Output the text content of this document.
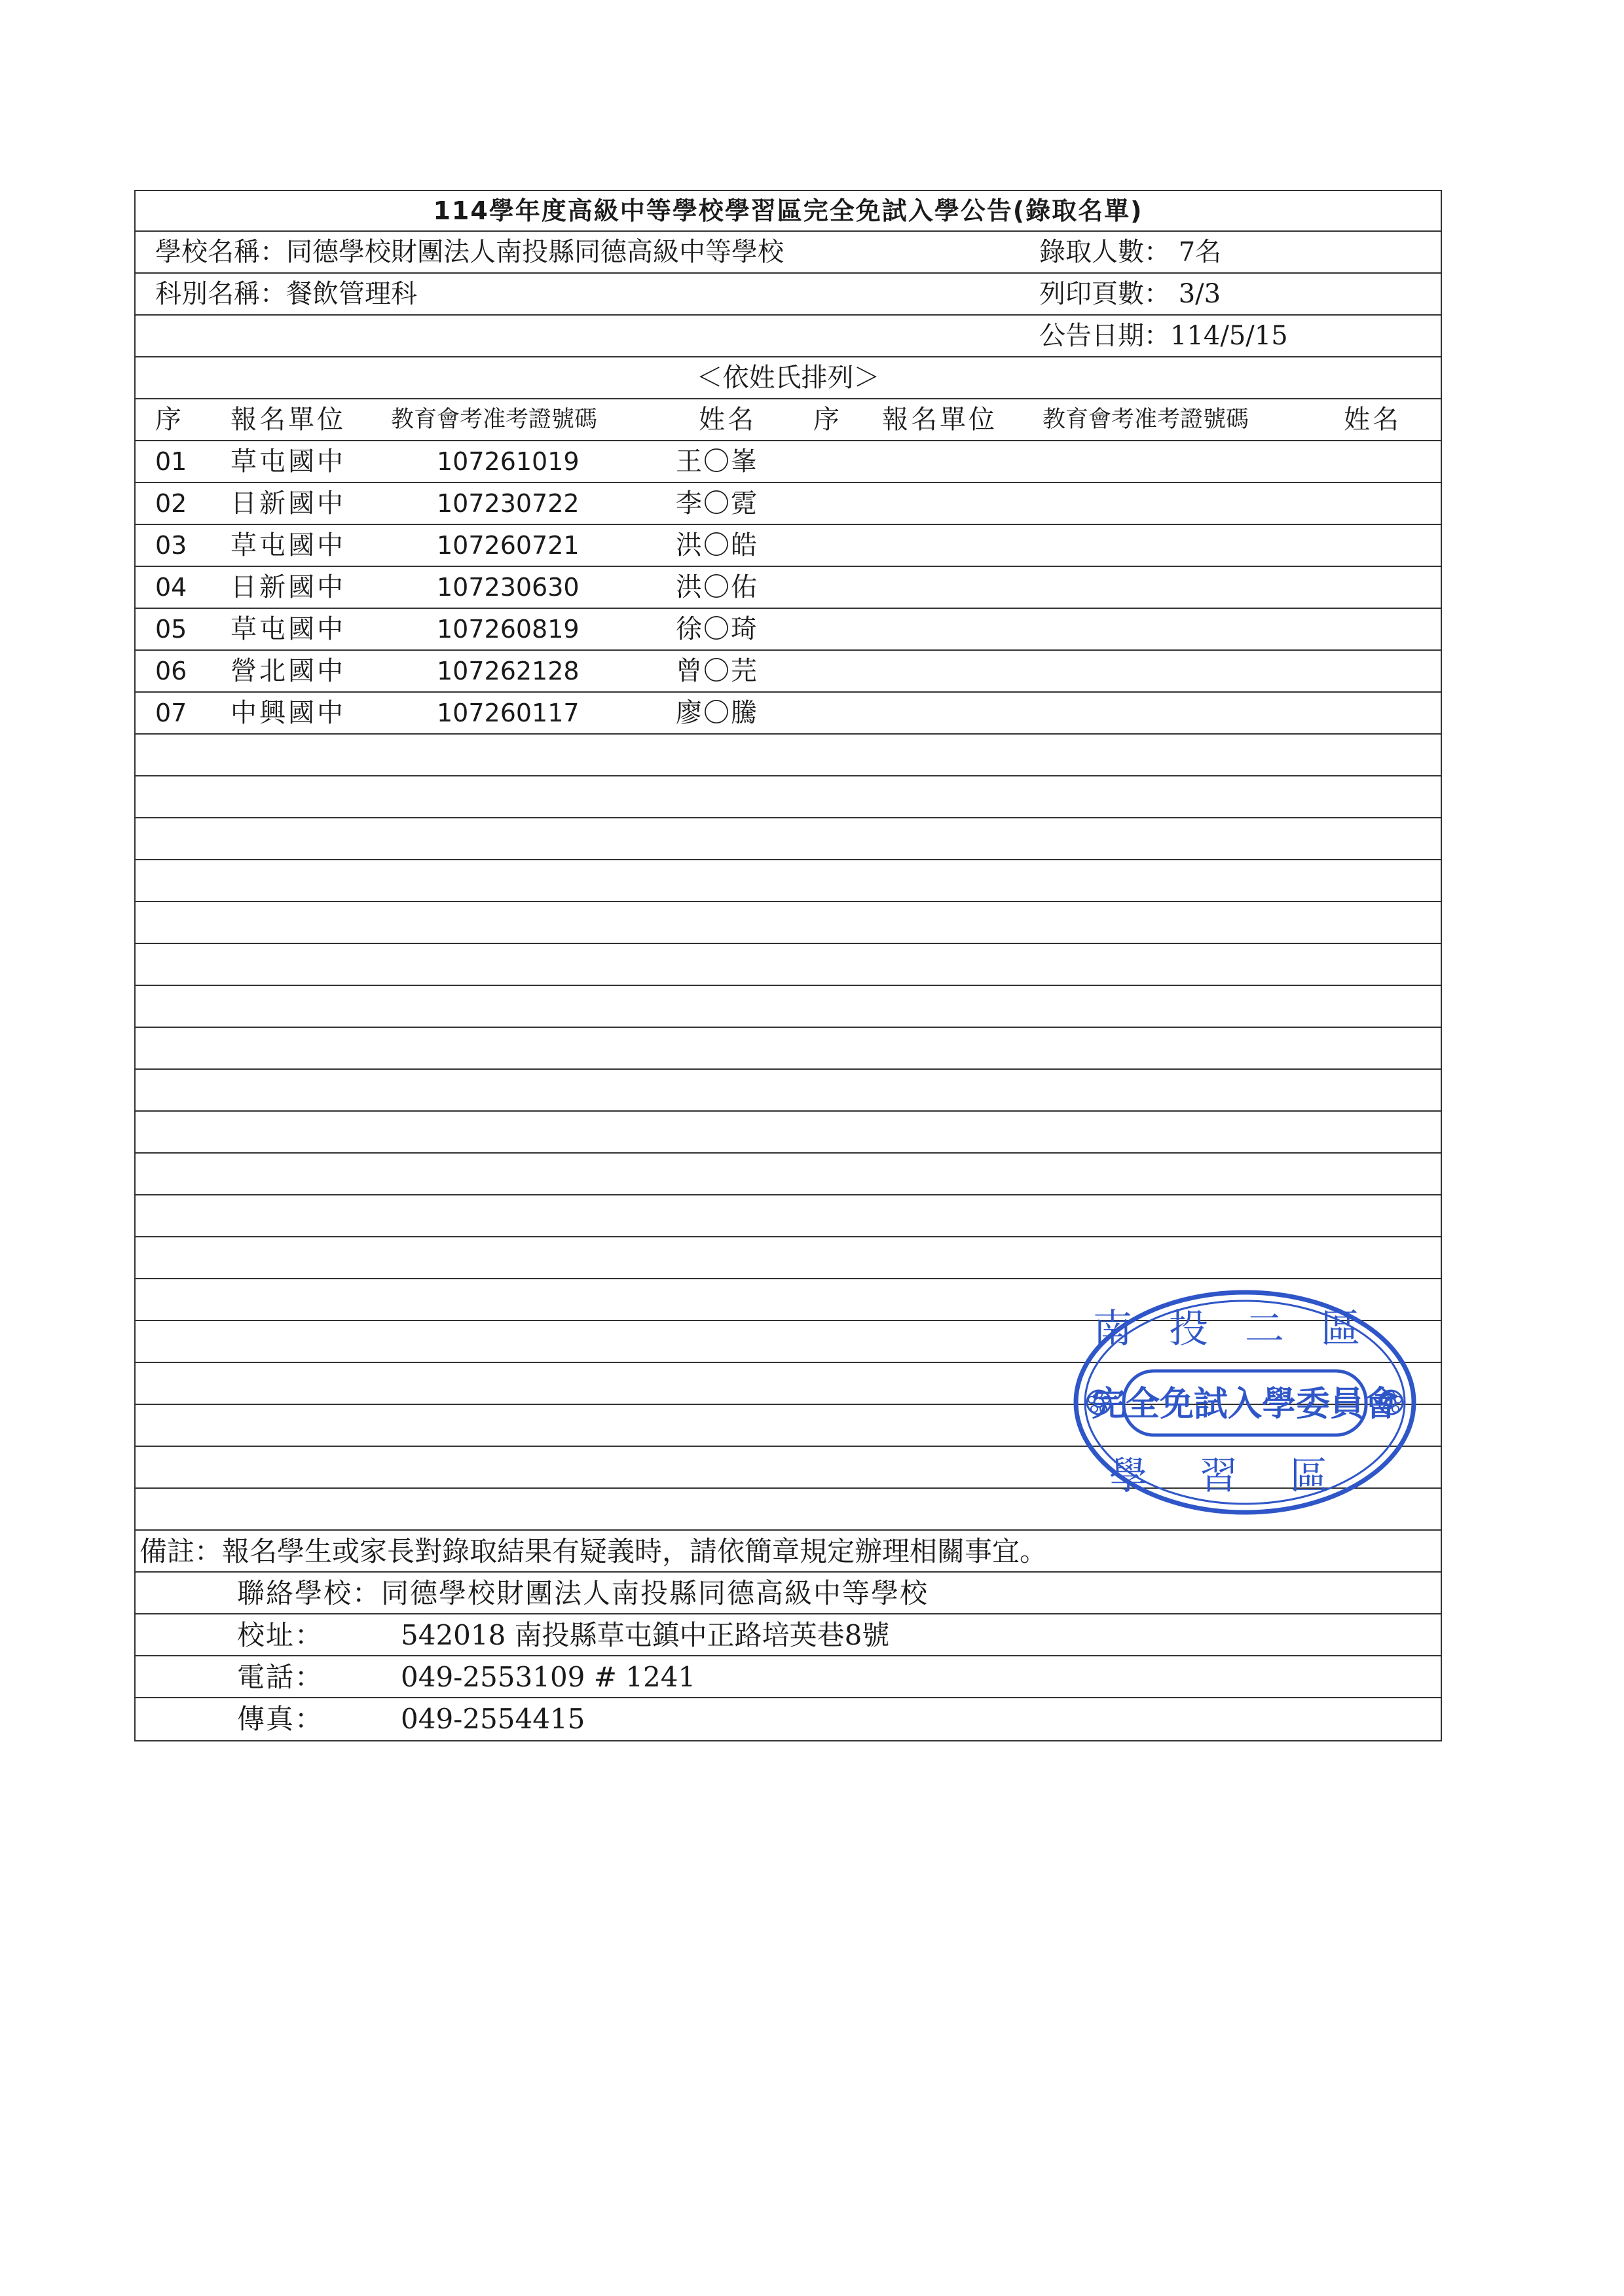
114學年度高級中等學校學習區完全免試入學公告(錄取名單)
學校名稱：同德學校財團法人南投縣同德高級中等學校	錄取人數： 7名
科別名稱：餐飲管理科	列印頁數： 3/3
公告日期：114/5/15
＜依姓氏排列＞
序 報名單位 教育會考准考證號碼	姓名 序 報名單位 教育會考准考證號碼	姓名
01 草屯國中	107261019	王〇峯
02 日新國中	107230722	李〇霓
03 草屯國中	107260721	洪〇皓
04 日新國中	107230630	洪〇佑
05 草屯國中	107260819	徐〇琦
06 營北國中	107262128	曾〇芫
07 中興國中	107260117	廖〇騰
備註：報名學生或家長對錄取結果有疑義時，請依簡章規定辦理相關事宜。
聯絡學校：同德學校財團法人南投縣同德高級中等學校
校址：	542018 南投縣草屯鎮中正路培英巷8號
電話：	049-2553109 # 1241
傳真：	049-2554415
南投二區
完全免試入學委員會
學習區
